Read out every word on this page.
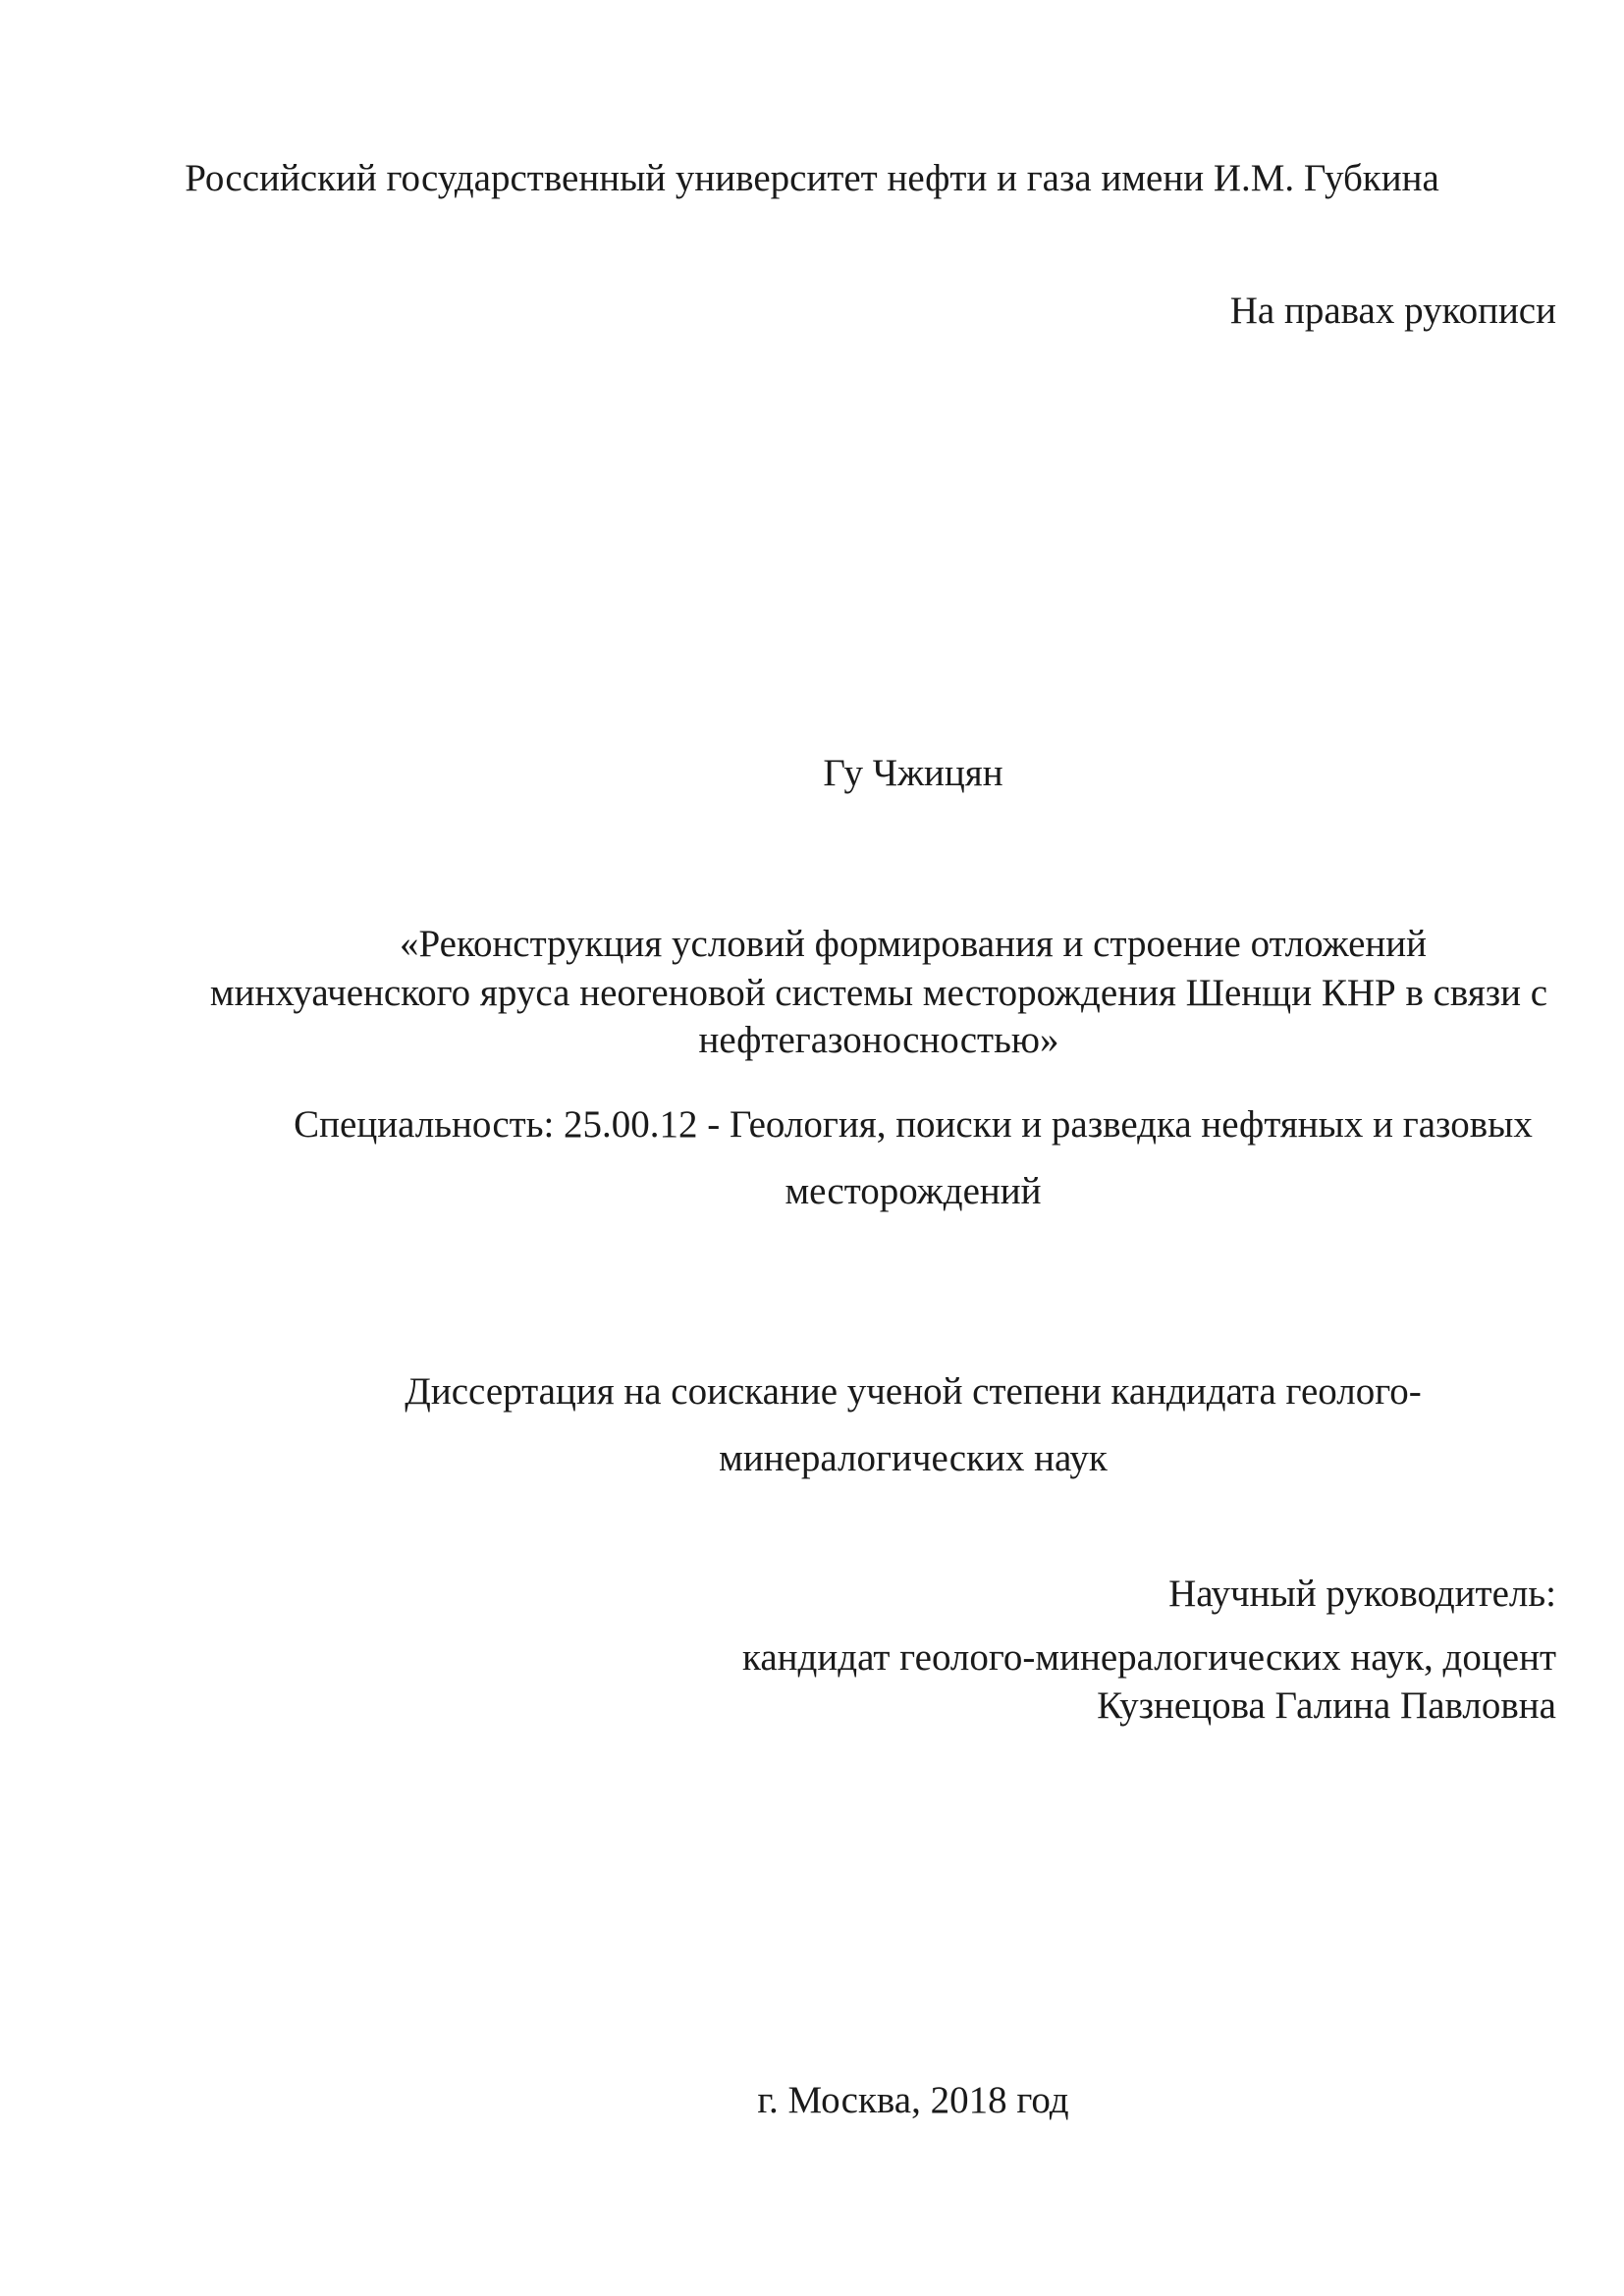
Российский государственный университет нефти и газа имени И.М. Губкина

На правах рукописи

Гу Чжицян

«Реконструкция условий формирования и строение отложений

минхуаченского яруса неогеновой системы месторождения Шенщи КНР в связи с

нефтегазоносностью»

Специальность: 25.00.12 - Геология, поиски и разведка нефтяных и газовых

месторождений

Диссертация на соискание ученой степени кандидата геолого-

минералогических наук

Научный руководитель:

кандидат геолого-минералогических наук, доцент

Кузнецова Галина Павловна

г. Москва, 2018 год
